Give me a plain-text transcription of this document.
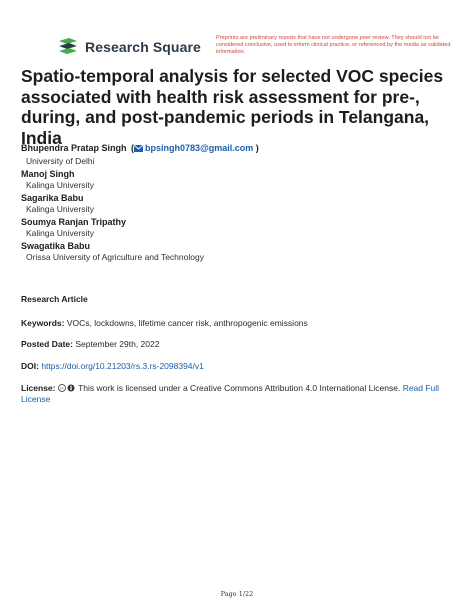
Research Square
Preprints are preliminary reports that have not undergone peer review. They should not be considered conclusive, used to inform clinical practice, or referenced by the media as validated information.
Spatio-temporal analysis for selected VOC species associated with health risk assessment for pre-, during, and post-pandemic periods in Telangana, India
Bhupendra Pratap Singh ( bpsingh0783@gmail.com )
University of Delhi
Manoj Singh
Kalinga University
Sagarika Babu
Kalinga University
Soumya Ranjan Tripathy
Kalinga University
Swagatika Babu
Orissa University of Agriculture and Technology
Research Article
Keywords: VOCs, lockdowns, lifetime cancer risk, anthropogenic emissions
Posted Date: September 29th, 2022
DOI: https://doi.org/10.21203/rs.3.rs-2098394/v1
License: cc This work is licensed under a Creative Commons Attribution 4.0 International License. Read Full License
Page 1/22
